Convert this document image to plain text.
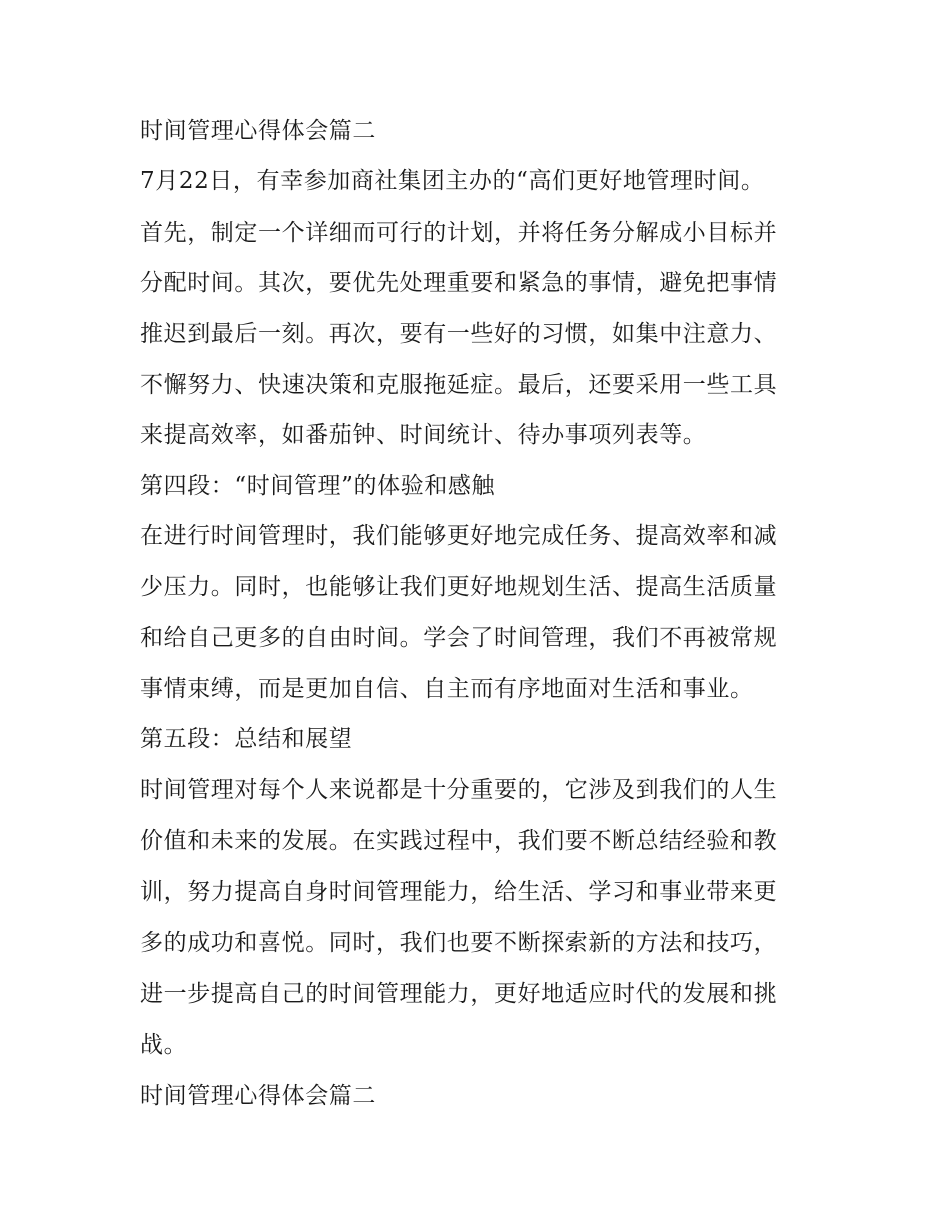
时间管理心得体会篇二
7月22日，有幸参加商社集团主办的“高们更好地管理时间。
首先，制定一个详细而可行的计划，并将任务分解成小目标并
分配时间。其次，要优先处理重要和紧急的事情，避免把事情
推迟到最后一刻。再次，要有一些好的习惯，如集中注意力、
不懈努力、快速决策和克服拖延症。最后，还要采用一些工具
来提高效率，如番茄钟、时间统计、待办事项列表等。
第四段：“时间管理”的体验和感触
在进行时间管理时，我们能够更好地完成任务、提高效率和减
少压力。同时，也能够让我们更好地规划生活、提高生活质量
和给自己更多的自由时间。学会了时间管理，我们不再被常规
事情束缚，而是更加自信、自主而有序地面对生活和事业。
第五段：总结和展望
时间管理对每个人来说都是十分重要的，它涉及到我们的人生
价值和未来的发展。在实践过程中，我们要不断总结经验和教
训，努力提高自身时间管理能力，给生活、学习和事业带来更
多的成功和喜悦。同时，我们也要不断探索新的方法和技巧，
进一步提高自己的时间管理能力，更好地适应时代的发展和挑
战。
时间管理心得体会篇二
